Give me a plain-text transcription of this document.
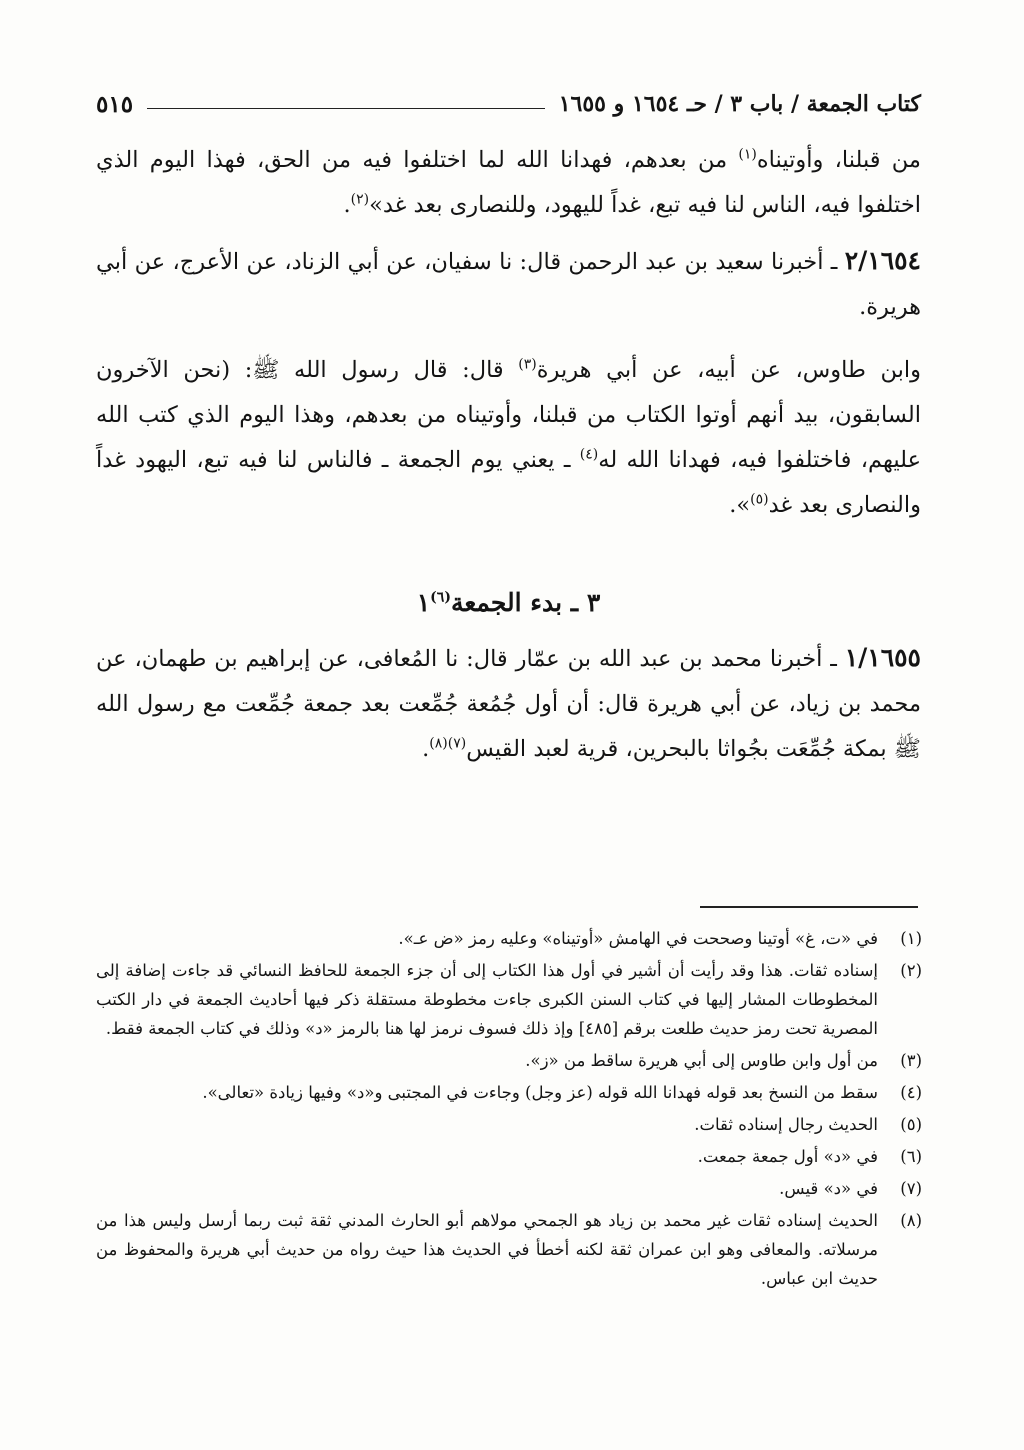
كتاب الجمعة / باب ٣ / حـ ١٦٥٤ و ١٦٥٥
٥١٥

من قبلنا، وأوتيناه$^{(١)}$ من بعدهم، فهدانا الله لما اختلفوا فيه من الحق، فهذا اليوم الذي اختلفوا فيه، الناس لنا فيه تبع، غداً لليهود، وللنصارى بعد غد»$^{(٢)}$.

٢/١٦٥٤ ـ أخبرنا سعيد بن عبد الرحمن قال: نا سفيان، عن أبي الزناد، عن الأعرج، عن أبي هريرة.

وابن طاوس، عن أبيه، عن أبي هريرة$^{(٣)}$ قال: قال رسول الله ﷺ: (نحن الآخرون السابقون، بيد أنهم أوتوا الكتاب من قبلنا، وأوتيناه من بعدهم، وهذا اليوم الذي كتب الله عليهم، فاختلفوا فيه، فهدانا الله له$^{(٤)}$ ـ يعني يوم الجمعة ـ فالناس لنا فيه تبع، اليهود غداً والنصارى بعد غد$^{(٥)}$».

٣ ـ بدء الجمعة$^{(٦)}$١

١/١٦٥٥ ـ أخبرنا محمد بن عبد الله بن عمّار قال: نا المُعافى، عن إبراهيم بن طهمان، عن محمد بن زياد، عن أبي هريرة قال: أن أول جُمُعة جُمِّعت بعد جمعة جُمِّعت مع رسول الله ﷺ بمكة جُمِّعَت بجُواثا بالبحرين، قرية لعبد القيس$^{(٧)(٨)}$.

(١)
في «ت، غ» أوتينا وصححت في الهامش «أوتيناه» وعليه رمز «ض عـ».
(٢)
إسناده ثقات. هذا وقد رأيت أن أشير في أول هذا الكتاب إلى أن جزء الجمعة للحافظ النسائي قد جاءت إضافة إلى المخطوطات المشار إليها في كتاب السنن الكبرى جاءت مخطوطة مستقلة ذكر فيها أحاديث الجمعة في دار الكتب المصرية تحت رمز حديث طلعت برقم [٤٨٥] وإذ ذلك فسوف نرمز لها هنا بالرمز «د» وذلك في كتاب الجمعة فقط.
(٣)
من أول وابن طاوس إلى أبي هريرة ساقط من «ز».
(٤)
سقط من النسخ بعد قوله فهدانا الله قوله (عز وجل) وجاءت في المجتبى و«د» وفيها زيادة «تعالى».
(٥)
الحديث رجال إسناده ثقات.
(٦)
في «د» أول جمعة جمعت.
(٧)
في «د» قيس.
(٨)
الحديث إسناده ثقات غير محمد بن زياد هو الجمحي مولاهم أبو الحارث المدني ثقة ثبت ربما أرسل وليس هذا من مرسلاته. والمعافى وهو ابن عمران ثقة لكنه أخطأ في الحديث هذا حيث رواه من حديث أبي هريرة والمحفوظ من حديث ابن عباس.
